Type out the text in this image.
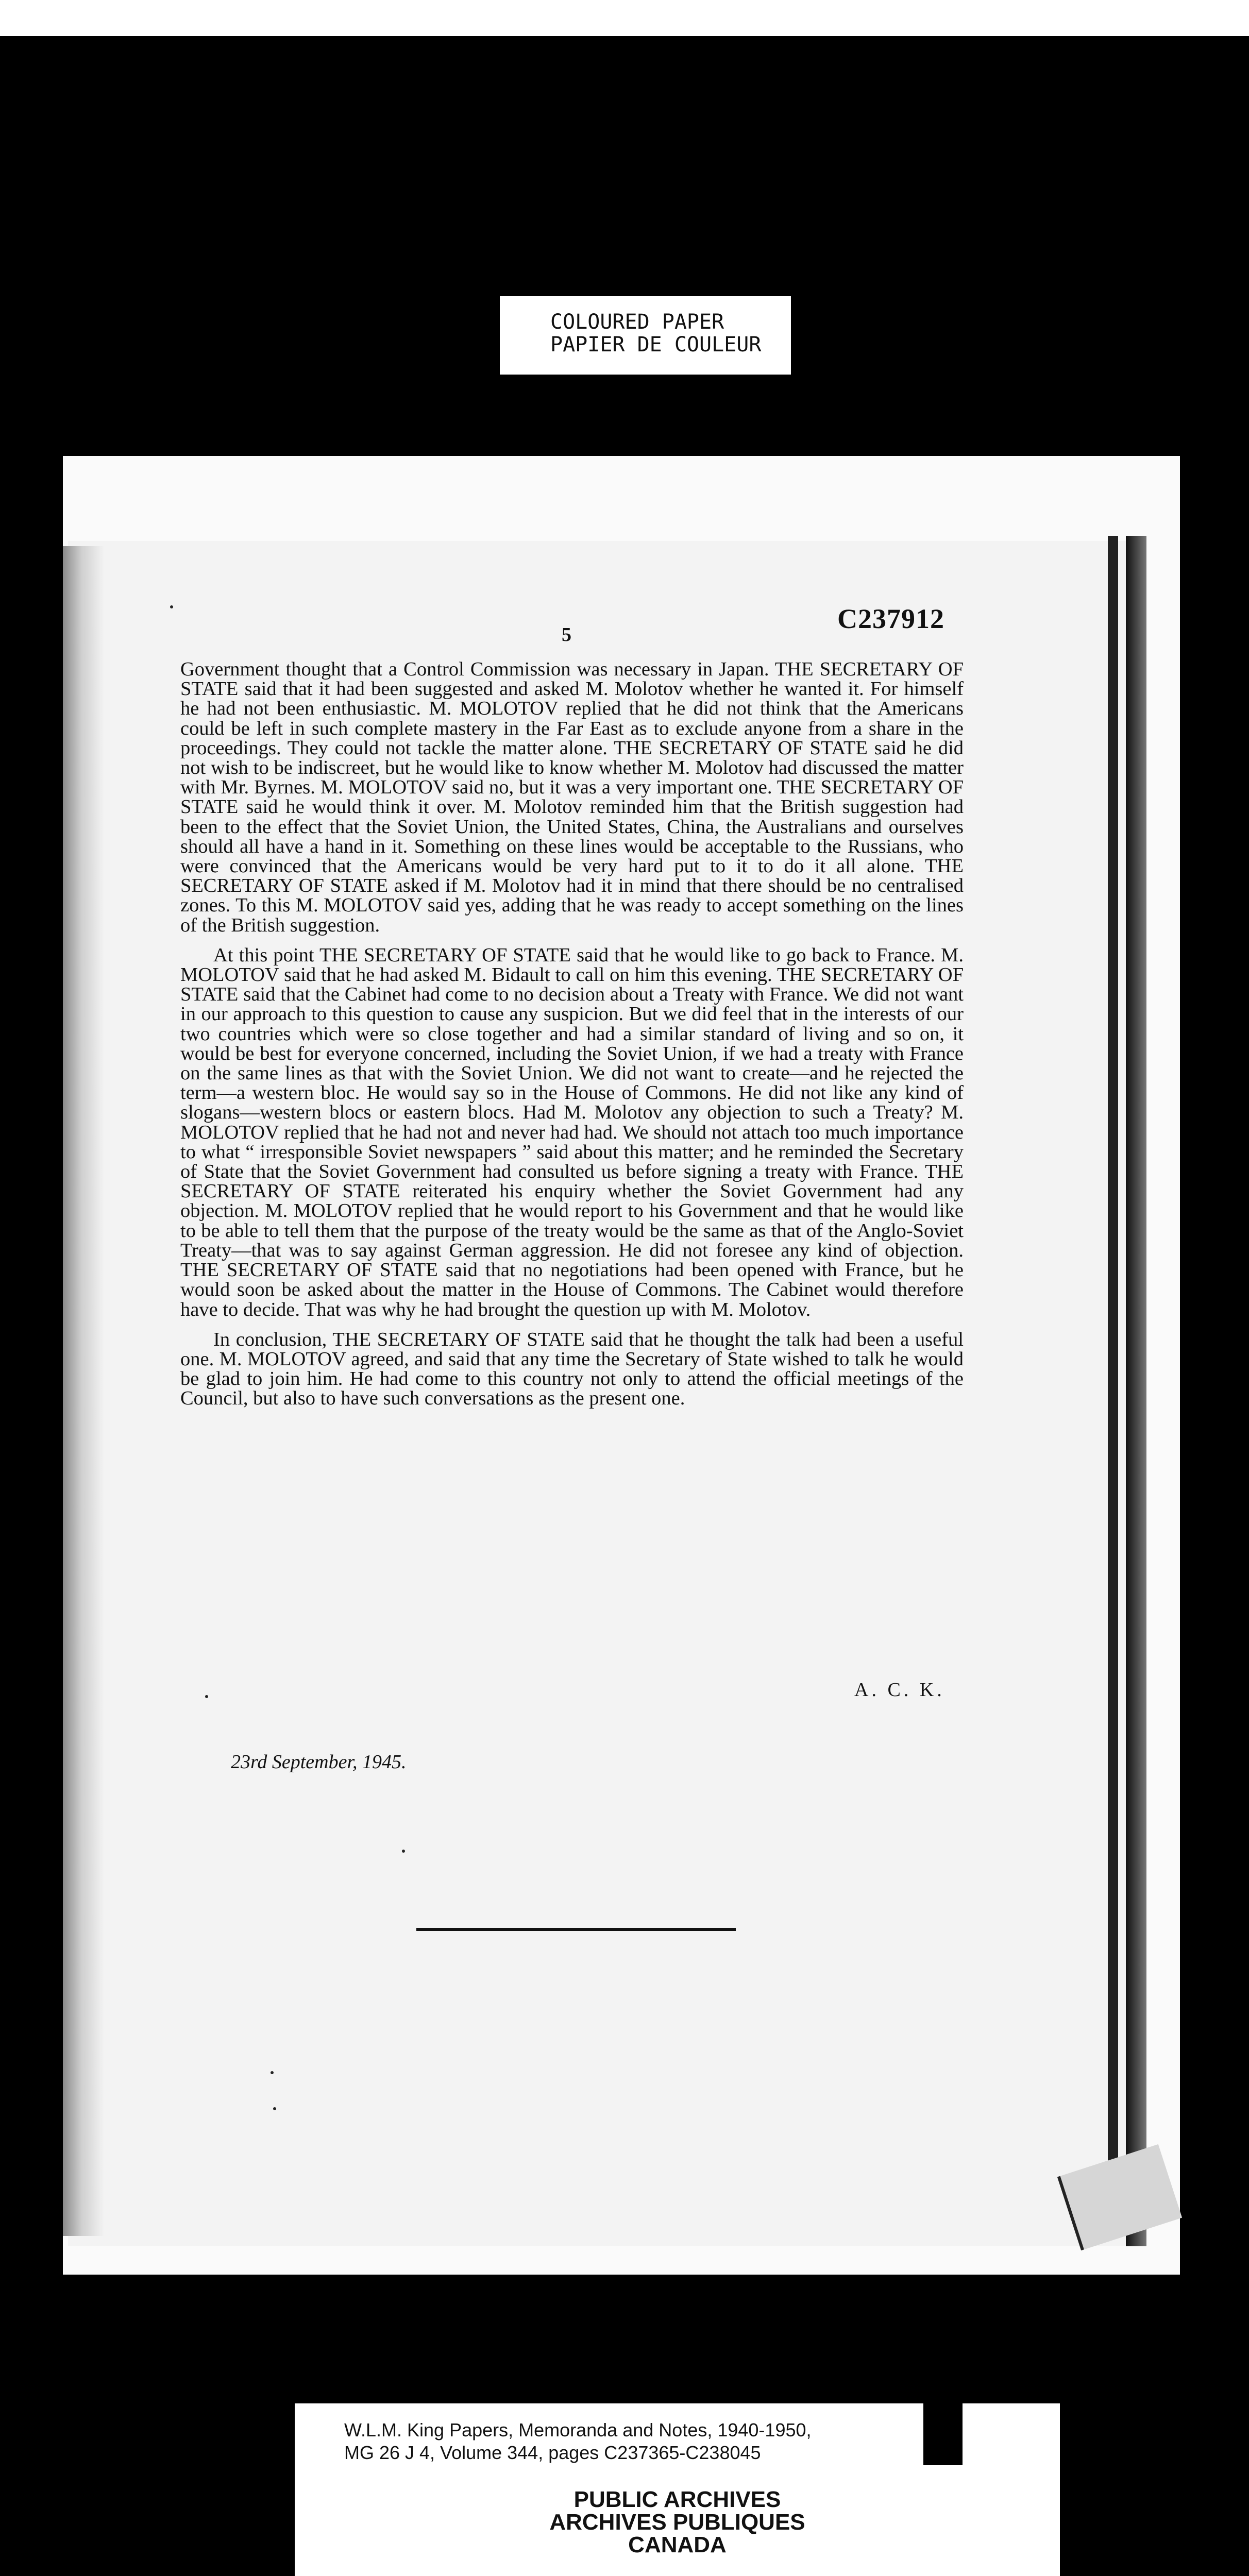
COLOURED PAPER
PAPIER DE COULEUR
5
C237912

Government thought that a Control Commission was necessary in Japan. THE SECRETARY OF STATE said that it had been suggested and asked M. Molotov whether he wanted it. For himself he had not been enthusiastic. M. MOLOTOV replied that he did not think that the Americans could be left in such complete mastery in the Far East as to exclude anyone from a share in the proceedings. They could not tackle the matter alone. THE SECRETARY OF STATE said he did not wish to be indiscreet, but he would like to know whether M. Molotov had discussed the matter with Mr. Byrnes. M. MOLOTOV said no, but it was a very important one. THE SECRETARY OF STATE said he would think it over. M. Molotov reminded him that the British suggestion had been to the effect that the Soviet Union, the United States, China, the Australians and ourselves should all have a hand in it. Something on these lines would be acceptable to the Russians, who were convinced that the Americans would be very hard put to it to do it all alone. THE SECRETARY OF STATE asked if M. Molotov had it in mind that there should be no centralised zones. To this M. MOLOTOV said yes, adding that he was ready to accept something on the lines of the British suggestion.

At this point THE SECRETARY OF STATE said that he would like to go back to France. M. MOLOTOV said that he had asked M. Bidault to call on him this evening. THE SECRETARY OF STATE said that the Cabinet had come to no decision about a Treaty with France. We did not want in our approach to this question to cause any suspicion. But we did feel that in the interests of our two countries which were so close together and had a similar standard of living and so on, it would be best for everyone concerned, including the Soviet Union, if we had a treaty with France on the same lines as that with the Soviet Union. We did not want to create—and he rejected the term—a western bloc. He would say so in the House of Commons. He did not like any kind of slogans—western blocs or eastern blocs. Had M. Molotov any objection to such a Treaty? M. MOLOTOV replied that he had not and never had had. We should not attach too much importance to what “ irresponsible Soviet newspapers ” said about this matter; and he reminded the Secretary of State that the Soviet Government had consulted us before signing a treaty with France. THE SECRETARY OF STATE reiterated his enquiry whether the Soviet Government had any objection. M. MOLOTOV replied that he would report to his Government and that he would like to be able to tell them that the purpose of the treaty would be the same as that of the Anglo-Soviet Treaty—that was to say against German aggression. He did not foresee any kind of objection. THE SECRETARY OF STATE said that no negotiations had been opened with France, but he would soon be asked about the matter in the House of Commons. The Cabinet would therefore have to decide. That was why he had brought the question up with M. Molotov.

In conclusion, THE SECRETARY OF STATE said that he thought the talk had been a useful one. M. MOLOTOV agreed, and said that any time the Secretary of State wished to talk he would be glad to join him. He had come to this country not only to attend the official meetings of the Council, but also to have such conversations as the present one.

A. C. K.
23rd September, 1945.
W.L.M. King Papers, Memoranda and Notes, 1940-1950,
MG 26 J 4, Volume 344, pages C237365-C238045
PUBLIC ARCHIVES
ARCHIVES PUBLIQUES
CANADA
